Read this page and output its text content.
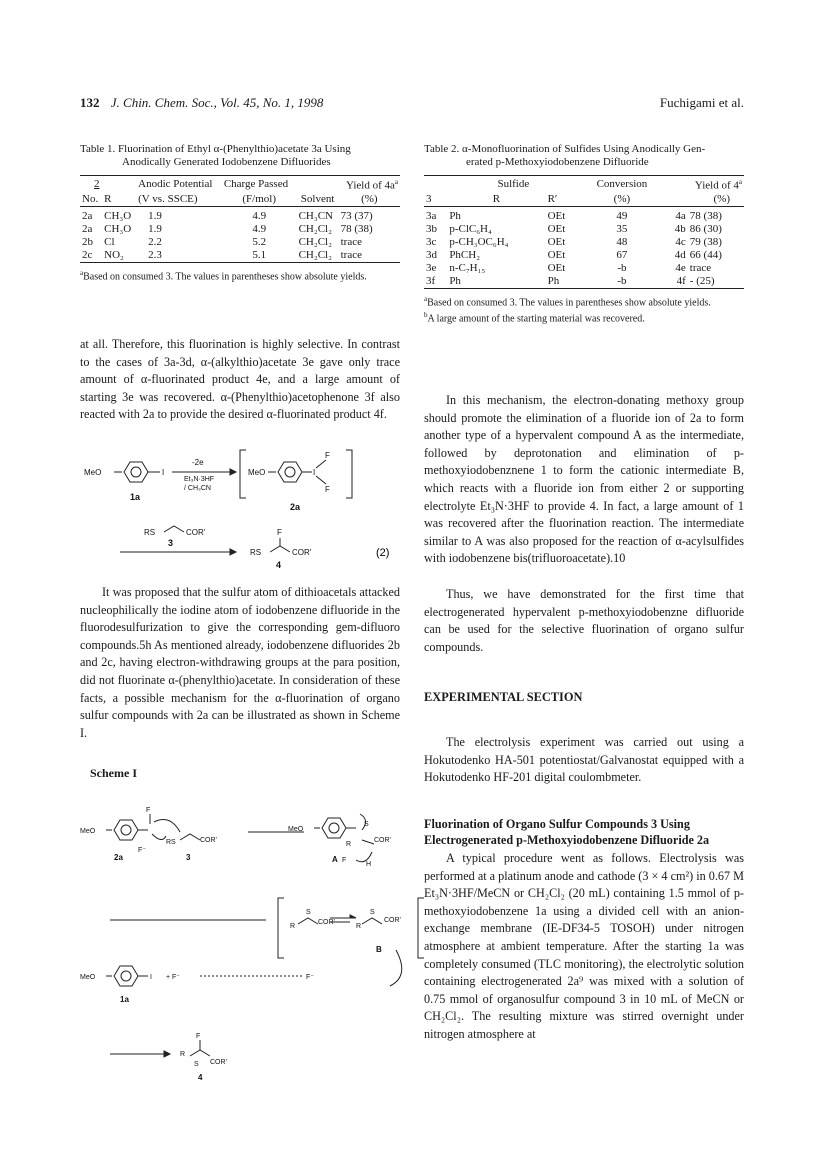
132 J. Chin. Chem. Soc., Vol. 45, No. 1, 1998	Fuchigami et al.
Table 1. Fluorination of Ethyl α-(Phenylthio)acetate 3a Using
Anodically Generated Iodobenzene Difluorides
2		Anodic Potential	Charge Passed		Yield of $4a^a$
No.	R	(V vs. SSCE)	(F/mol)	Solvent	(%)
2a	CH₃O	1.9	4.9	CH₃CN	73 (37)
2a	CH₃O	1.9	4.9	CH₂Cl₂	78 (38)
2b	Cl	2.2	5.2	CH₂Cl₂	trace
2c	NO₂	2.3	5.1	CH₂Cl₂	trace
$^a$Based on consumed 3. The values in parentheses show absolute yields.

at all. Therefore, this fluorination is highly selective. In contrast to the cases of 3a-3d, α-(alkylthio)acetate 3e gave only trace amount of α-fluorinated product 4e, and a large amount of starting 3e was recovered. α-(Phenylthio)acetophenone 3f also reacted with 2a to provide the desired α-fluorinated product 4f.

MeO	I
-2e
Et₃N·3HF
/ CH₃CN
MeO	I
F
F
RS	COR'
RS	COR'
F
1a
2a
3
4
(2)

It was proposed that the sulfur atom of dithioacetals attacked nucleophilically the iodine atom of iodobenzene difluoride in the fluorodesulfurization to give the corresponding gem-difluoro compounds.5h As mentioned already, iodobenzene difluorides 2b and 2c, having electron-withdrawing groups at the para position, did not fluorinate α-(phenylthio)acetate. In consideration of these facts, a possible mechanism for the α-fluorination of organo sulfur compounds with 2a can be illustrated as shown in Scheme I.

Scheme I
MeO
F
F⁻
RS	COR'
MeO
S
COR'
R
H
F
R
S
COR'
R
S
COR'
MeO	I + F⁻	F⁻
R
F
S COR'
2a	3	A
B
1a
4
Table 2. α-Monofluorination of Sulfides Using Anodically Gen-
erated p-Methoxyiodobenzene Difluoride
	Sulfide		Conversion	Yield of 4$^a$
3	R	R′	(%)	(%)	
3a	Ph	OEt	49	4a	78 (38)
3b	p-ClC₆H₄	OEt	35	4b	86 (30)
3c	p-CH₃OC₆H₄	OEt	48	4c	79 (38)
3d	PhCH₂	OEt	67	4d	66 (44)
3e	n-C₇H₁₅	OEt	-b	4e	trace
3f	Ph	Ph	-b	4f	- (25)
$^a$Based on consumed 3. The values in parentheses show absolute yields.
$^b$A large amount of the starting material was recovered.

In this mechanism, the electron-donating methoxy group should promote the elimination of a fluoride ion of 2a to form another type of a hypervalent compound A as the intermediate, followed by deprotonation and elimination of p-methoxyiodobenznene 1 to form the cationic intermediate B, which reacts with a fluoride ion from either 2 or supporting electrolyte Et₃N·3HF to provide 4. In fact, a large amount of 1 was recovered after the fluorination reaction. The intermediate similar to A was also proposed for the reaction of α-acylsulfides with iodobenzene bis(trifluoroacetate).10

Thus, we have demonstrated for the first time that electrogenerated hypervalent p-methoxyiodobenzne difluoride can be used for the selective fluorination of organo sulfur compounds.

EXPERIMENTAL SECTION

The electrolysis experiment was carried out using a Hokutodenko HA-501 potentiostat/Galvanostat equipped with a Hokutodenko HF-201 digital coulombmeter.

Fluorination of Organo Sulfur Compounds 3 Using Electrogenerated p-Methoxyiodobenzene Difluoride 2a

A typical procedure went as follows. Electrolysis was performed at a platinum anode and cathode (3 × 4 cm²) in 0.67 M Et₃N·3HF/MeCN or CH₂Cl₂ (20 mL) containing 1.5 mmol of p-methoxyiodobenzene 1a using a divided cell with an anion-exchange membrane (IE-DF34-5 TOSOH) under nitrogen atmosphere at ambient temperature. After the starting 1a was completely consumed (TLC monitoring), the electrolytic solution containing electrogenerated 2a⁹ was mixed with a solution of 0.75 mmol of organosulfur compound 3 in 10 mL of MeCN or CH₂Cl₂. The resulting mixture was stirred overnight under nitrogen atmosphere at
